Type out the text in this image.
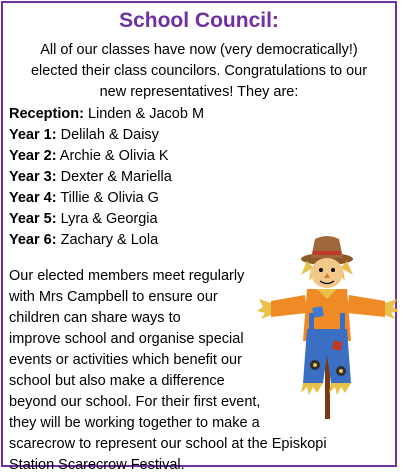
School Council:
All of our classes have now (very democratically!)
elected their class councilors. Congratulations to our
new representatives! They are:
Reception: Linden & Jacob M
Year 1: Delilah & Daisy
Year 2: Archie & Olivia K
Year 3: Dexter & Mariella
Year 4: Tillie & Olivia G
Year 5: Lyra & Georgia
Year 6: Zachary & Lola
Our elected members meet regularly
with Mrs Campbell to ensure our
children can share ways to
improve school and organise special
events or activities which benefit our
school but also make a difference
beyond our school. For their first event,
they will be working together to make a
scarecrow to represent our school at the Episkopi
Station Scarecrow Festival.
